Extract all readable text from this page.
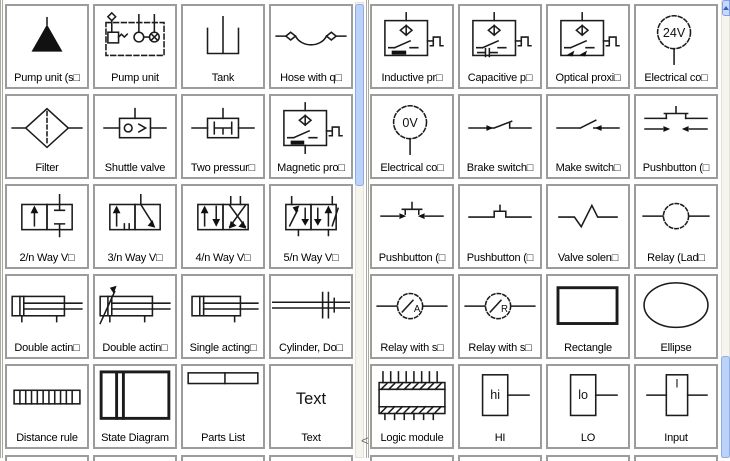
Pump unit (s□	Pump unit	Tank	Hose with q□
Filter	Shuttle valve	Two pressur□	Magnetic pro□
2/n Way V□	3/n Way V□	4/n Way V□	5/n Way V□
Double actin□	Double actin□	Single acting□	Cylinder, Do□
Distance rule	State Diagram	Parts List
Text
Text
Inductive pr□	Capacitive p□	Optical proxi□
24V
Electrical co□
0V
Electrical co□	Brake switch□	Make switch□	Pushbutton (□
Pushbutton (□	Pushbutton (□	Valve solen□	Relay (Lad□
A
Relay with s□
R
Relay with s□	Rectangle	Ellipse
Logic module
hi
HI
lo
LO
I
Input
<
